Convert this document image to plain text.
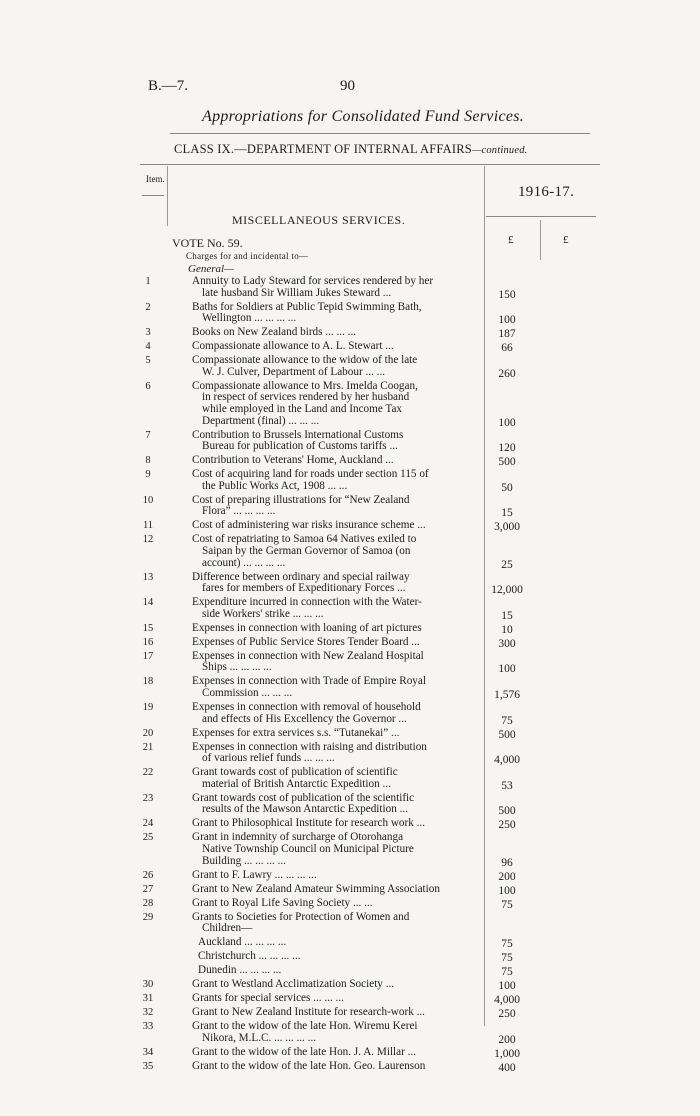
B.—7.	90
Appropriations for Consolidated Fund Services.
CLASS IX.—DEPARTMENT OF INTERNAL AFFAIRS—continued.
Item.
1916-17.
MISCELLANEOUS SERVICES.
£	£
VOTE No. 59.
Charges for and incidental to—
General—
1	Annuity to Lady Steward for services rendered by her
late husband Sir William Jukes Steward ...	150
2	Baths for Soldiers at Public Tepid Swimming Bath,
Wellington ... ... ... ...	100
3	Books on New Zealand birds ... ... ...	187
4	Compassionate allowance to A. L. Stewart ...	66
5	Compassionate allowance to the widow of the late
W. J. Culver, Department of Labour ... ...	260
6	Compassionate allowance to Mrs. Imelda Coogan,
in respect of services rendered by her husband
while employed in the Land and Income Tax
Department (final) ... ... ...	100
7	Contribution to Brussels International Customs
Bureau for publication of Customs tariffs ...	120
8	Contribution to Veterans' Home, Auckland ...	500
9	Cost of acquiring land for roads under section 115 of
the Public Works Act, 1908 ... ...	50
10	Cost of preparing illustrations for “New Zealand
Flora” ... ... ... ...	15
11	Cost of administering war risks insurance scheme ...	3,000
12	Cost of repatriating to Samoa 64 Natives exiled to
Saipan by the German Governor of Samoa (on
account) ... ... ... ...	25
13	Difference between ordinary and special railway
fares for members of Expeditionary Forces ...	12,000
14	Expenditure incurred in connection with the Water-
side Workers' strike ... ... ...	15
15	Expenses in connection with loaning of art pictures	10
16	Expenses of Public Service Stores Tender Board ...	300
17	Expenses in connection with New Zealand Hospital
Ships ... ... ... ...	100
18	Expenses in connection with Trade of Empire Royal
Commission ... ... ...	1,576
19	Expenses in connection with removal of household
and effects of His Excellency the Governor ...	75
20	Expenses for extra services s.s. “Tutanekai” ...	500
21	Expenses in connection with raising and distribution
of various relief funds ... ... ...	4,000
22	Grant towards cost of publication of scientific
material of British Antarctic Expedition ...	53
23	Grant towards cost of publication of the scientific
results of the Mawson Antarctic Expedition ...	500
24	Grant to Philosophical Institute for research work ...	250
25	Grant in indemnity of surcharge of Otorohanga
Native Township Council on Municipal Picture
Building ... ... ... ...	96
26	Grant to F. Lawry ... ... ... ...	200
27	Grant to New Zealand Amateur Swimming Association	100
28	Grant to Royal Life Saving Society ... ...	75
29	Grants to Societies for Protection of Women and
Children—
Auckland ... ... ... ...	75
Christchurch ... ... ... ...	75
Dunedin ... ... ... ...	75
30	Grant to Westland Acclimatization Society ...	100
31	Grants for special services ... ... ...	4,000
32	Grant to New Zealand Institute for research-work ...	250
33	Grant to the widow of the late Hon. Wiremu Kerei
Nikora, M.L.C. ... ... ... ...	200
34	Grant to the widow of the late Hon. J. A. Millar ...	1,000
35	Grant to the widow of the late Hon. Geo. Laurenson	400
